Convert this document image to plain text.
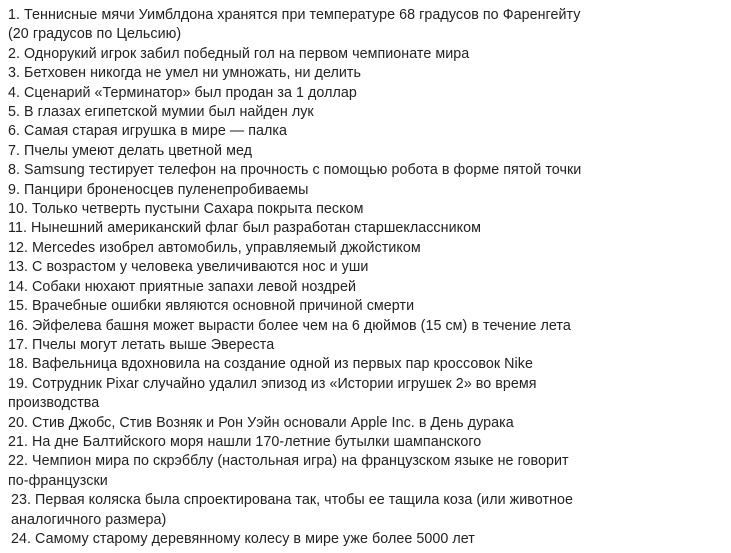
1. Теннисные мячи Уимблдона хранятся при температуре 68 градусов по Фаренгейту
(20 градусов по Цельсию)
2. Однорукий игрок забил победный гол на первом чемпионате мира
3. Бетховен никогда не умел ни умножать, ни делить
4. Сценарий «Терминатор» был продан за 1 доллар
5. В глазах египетской мумии был найден лук
6. Самая старая игрушка в мире — палка
7. Пчелы умеют делать цветной мед
8. Samsung тестирует телефон на прочность с помощью робота в форме пятой точки
9. Панцири броненосцев пуленепробиваемы
10. Только четверть пустыни Сахара покрыта песком
11. Нынешний американский флаг был разработан старшеклассником
12. Mercedes изобрел автомобиль, управляемый джойстиком
13. С возрастом у человека увеличиваются нос и уши
14. Собаки нюхают приятные запахи левой ноздрей
15. Врачебные ошибки являются основной причиной смерти
16. Эйфелева башня может вырасти более чем на 6 дюймов (15 см) в течение лета
17. Пчелы могут летать выше Эвереста
18. Вафельница вдохновила на создание одной из первых пар кроссовок Nike
19. Сотрудник Pixar случайно удалил эпизод из «Истории игрушек 2» во время
производства
20. Стив Джобс, Стив Возняк и Рон Уэйн основали Apple Inc. в День дурака
21. На дне Балтийского моря нашли 170-летние бутылки шампанского
22. Чемпион мира по скрэбблу (настольная игра) на французском языке не говорит
по-французски
23. Первая коляска была спроектирована так, чтобы ее тащила коза (или животное
аналогичного размера)
24. Самому старому деревянному колесу в мире уже более 5000 лет
